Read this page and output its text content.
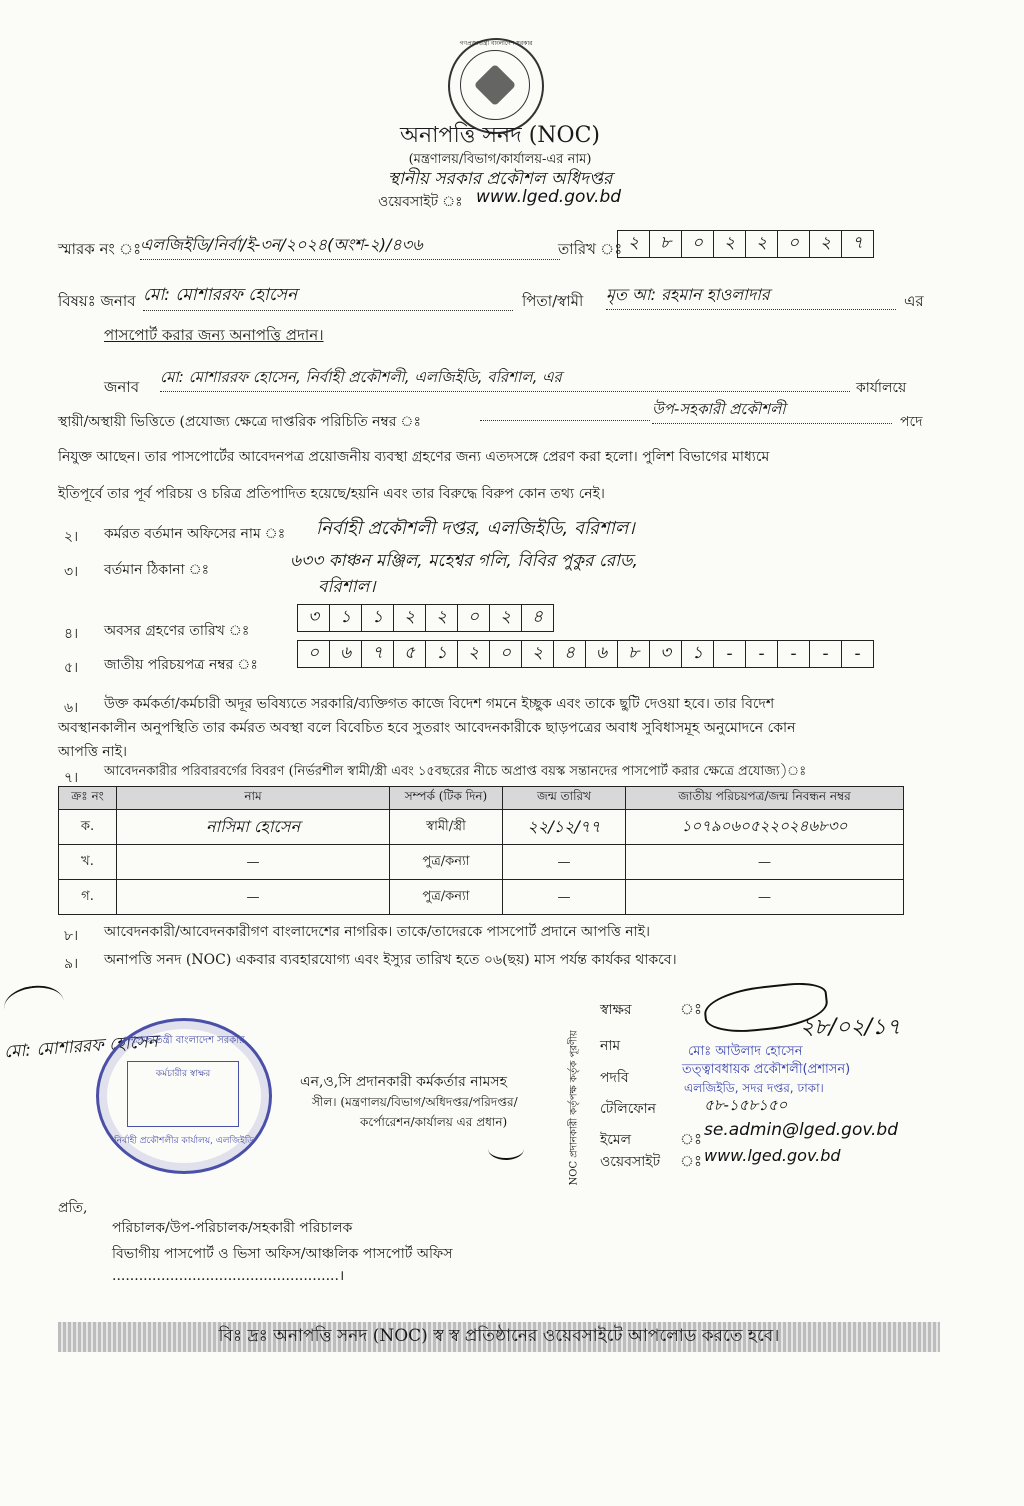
গণপ্রজাতন্ত্রী বাংলাদেশ সরকার
অনাপত্তি সনদ (NOC)
(মন্ত্রণালয়/বিভাগ/কার্যালয়-এর নাম)
স্থানীয় সরকার প্রকৌশল অধিদপ্তর
ওয়েবসাইট ঃ www.lged.gov.bd
স্মারক নং ঃ
এলজিইডি/নির্বা/ই-৩ন/২০২৪(অংশ-২)/৪৩৬	তারিখ ঃ ২	৮	০	২	২	০	২	৭
বিষয়ঃ জনাব মো: মোশাররফ হোসেন	পিতা/স্বামী মৃত আ: রহমান হাওলাদার	এর
পাসপোর্ট করার জন্য অনাপত্তি প্রদান।
জনাব
মো: মোশাররফ হোসেন, নির্বাহী প্রকৌশলী, এলজিইডি, বরিশাল, এর
কার্যালয়ে
স্থায়ী/অস্থায়ী ভিত্তিতে (প্রযোজ্য ক্ষেত্রে দাপ্তরিক পরিচিতি নম্বর ঃ
উপ-সহকারী প্রকৌশলী
পদে
নিযুক্ত আছেন। তার পাসপোর্টের আবেদনপত্র প্রয়োজনীয় ব্যবস্থা গ্রহণের জন্য এতদসঙ্গে প্রেরণ করা হলো। পুলিশ বিভাগের মাধ্যমে
ইতিপূর্বে তার পূর্ব পরিচয় ও চরিত্র প্রতিপাদিত হয়েছে/হয়নি এবং তার বিরুদ্ধে বিরুপ কোন তথ্য নেই।
২। কর্মরত বর্তমান অফিসের নাম ঃ নির্বাহী প্রকৌশলী দপ্তর, এলজিইডি, বরিশাল।
৩। বর্তমান ঠিকানা ঃ	৬৩৩ কাঞ্চন মঞ্জিল, মহেশ্বর গলি, বিবির পুকুর রোড,
বরিশাল।
৪। অবসর গ্রহণের তারিখ ঃ
৩	১	১	২	২	০	২	৪
৫। জাতীয় পরিচয়পত্র নম্বর ঃ
০	৬	৭	৫	১	২	০	২	৪	৬	৮	৩	১	-	-	-	-	-
৬। উক্ত কর্মকর্তা/কর্মচারী অদূর ভবিষ্যতে সরকারি/ব্যক্তিগত কাজে বিদেশ গমনে ইচ্ছুক এবং তাকে ছুটি দেওয়া হবে। তার বিদেশ
অবস্থানকালীন অনুপস্থিতি তার কর্মরত অবস্থা বলে বিবেচিত হবে সুতরাং আবেদনকারীকে ছাড়পত্রের অবাধ সুবিধাসমূহ অনুমোদনে কোন
আপত্তি নাই।
৭। আবেদনকারীর পরিবারবর্গের বিবরণ (নির্ভরশীল স্বামী/স্ত্রী এবং ১৫বছরের নীচে অপ্রাপ্ত বয়স্ক সন্তানদের পাসপোর্ট করার ক্ষেত্রে প্রযোজ্য)ঃ
ক্রঃ নং	নাম	সম্পর্ক (টিক দিন)	জন্ম তারিখ	জাতীয় পরিচয়পত্র/জন্ম নিবন্ধন নম্বর
ক.	নাসিমা হোসেন	স্বামী/স্ত্রী	২২/১২/৭৭	১০৭৯০৬০৫২২০২৪৬৮৩০
খ.	—	পুত্র/কন্যা	—	—
গ.	—	পুত্র/কন্যা	—	—
৮। আবেদনকারী/আবেদনকারীগণ বাংলাদেশের নাগরিক। তাকে/তাদেরকে পাসপোর্ট প্রদানে আপত্তি নাই।
৯। অনাপত্তি সনদ (NOC) একবার ব্যবহারযোগ্য এবং ইস্যুর তারিখ হতে ০৬(ছয়) মাস পর্যন্ত কার্যকর থাকবে।
মো: মোশাররফ হোসেন
গণপ্রজাতন্ত্রী বাংলাদেশ সরকার
কর্মচারীর স্বাক্ষর
নির্বাহী প্রকৌশলীর কার্যালয়, এলজিইডি
এন,ও,সি প্রদানকারী কর্মকর্তার নামসহ
সীল। (মন্ত্রণালয়/বিভাগ/অধিদপ্তর/পরিদপ্তর/
কর্পোরেশন/কার্যালয় এর প্রধান)	NOC প্রদানকারী কর্তৃপক্ষ কর্তৃক পূরণীয়
স্বাক্ষর	ঃ
২৮/০২/১৭
নাম	মোঃ আউলাদ হোসেন
পদবি
তত্ত্বাবধায়ক প্রকৌশলী(প্রশাসন)
এলজিইডি, সদর দপ্তর, ঢাকা।
টেলিফোন	৫৮-১৫৮১৫০
ইমেল	ঃ se.admin@lged.gov.bd
ওয়েবসাইট ঃ www.lged.gov.bd
প্রতি,
পরিচালক/উপ-পরিচালক/সহকারী পরিচালক
বিভাগীয় পাসপোর্ট ও ভিসা অফিস/আঞ্চলিক পাসপোর্ট অফিস
...................................................।
বিঃ দ্রঃ অনাপত্তি সনদ (NOC) স্ব স্ব প্রতিষ্ঠানের ওয়েবসাইটে আপলোড করতে হবে।
